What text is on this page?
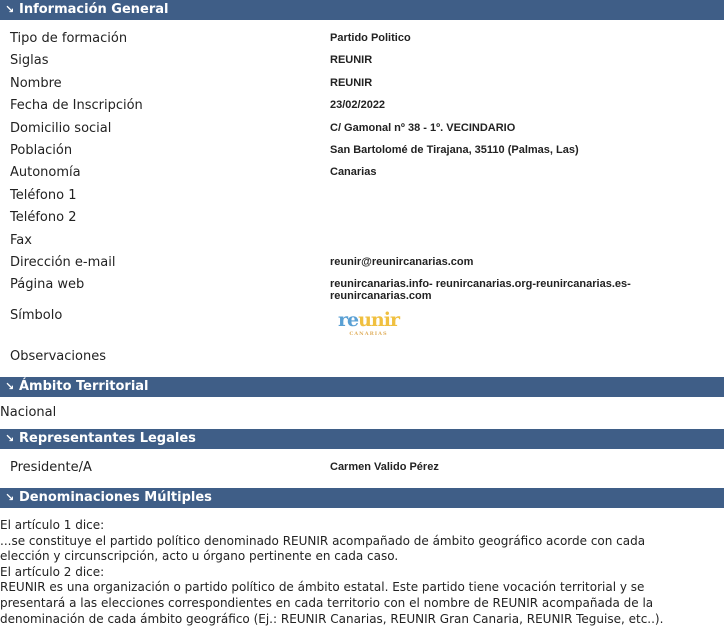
↘ Información General
Tipo de formación	Partido Politico
Siglas	REUNIR
Nombre	REUNIR
Fecha de Inscripción	23/02/2022
Domicilio social	C/ Gamonal nº 38 - 1º. VECINDARIO
Población	San Bartolomé de Tirajana, 35110 (Palmas, Las)
Autonomía	Canarias
Teléfono 1
Teléfono 2
Fax
Dirección e-mail	reunir@reunircanarias.com
Página web	reunircanarias.info- reunircanarias.org-reunircanarias.es- reunircanarias.com
Símbolo	reunir
CANARIAS
Observaciones
↘ Ámbito Territorial
Nacional
↘ Representantes Legales
Presidente/A	Carmen Valido Pérez
↘ Denominaciones Múltiples
El artículo 1 dice:
...se constituye el partido político denominado REUNIR acompañado de ámbito geográfico acorde con cada
elección y circunscripción, acto u órgano pertinente en cada caso.
El artículo 2 dice:
REUNIR es una organización o partido político de ámbito estatal. Este partido tiene vocación territorial y se
presentará a las elecciones correspondientes en cada territorio con el nombre de REUNIR acompañada de la
denominación de cada ámbito geográfico (Ej.: REUNIR Canarias, REUNIR Gran Canaria, REUNIR Teguise, etc..).
